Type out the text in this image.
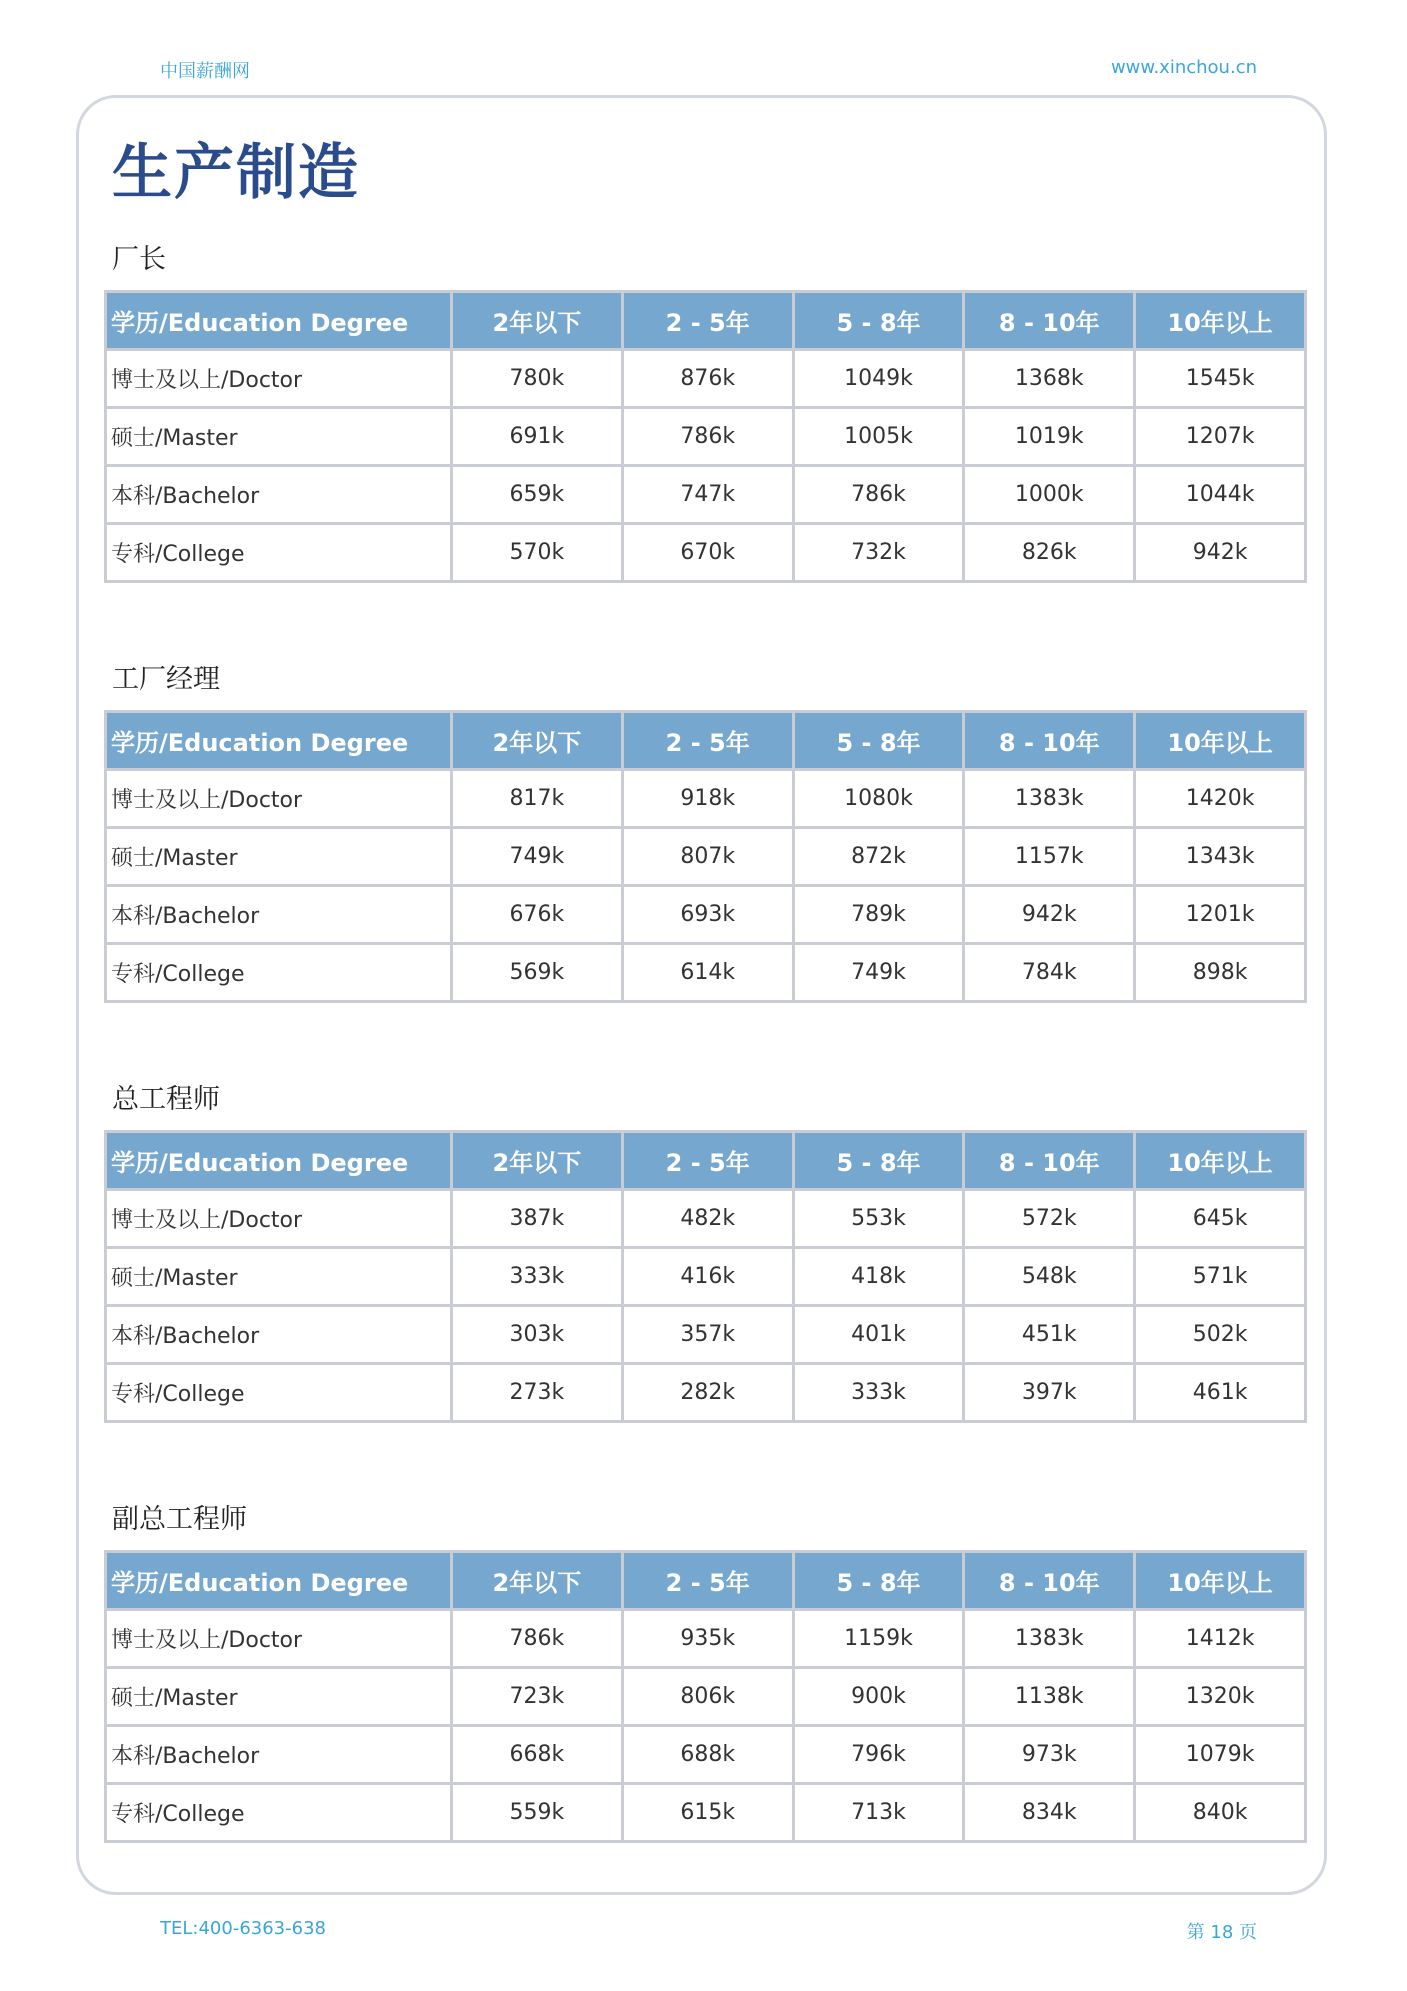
中国薪酬网	www.xinchou.cn
生产制造
厂长
学历/Education Degree	2年以下	2 - 5年	5 - 8年	8 - 10年	10年以上
博士及以上/Doctor	780k	876k	1049k	1368k	1545k
硕士/Master	691k	786k	1005k	1019k	1207k
本科/Bachelor	659k	747k	786k	1000k	1044k
专科/College	570k	670k	732k	826k	942k
工厂经理
学历/Education Degree	2年以下	2 - 5年	5 - 8年	8 - 10年	10年以上
博士及以上/Doctor	817k	918k	1080k	1383k	1420k
硕士/Master	749k	807k	872k	1157k	1343k
本科/Bachelor	676k	693k	789k	942k	1201k
专科/College	569k	614k	749k	784k	898k
总工程师
学历/Education Degree	2年以下	2 - 5年	5 - 8年	8 - 10年	10年以上
博士及以上/Doctor	387k	482k	553k	572k	645k
硕士/Master	333k	416k	418k	548k	571k
本科/Bachelor	303k	357k	401k	451k	502k
专科/College	273k	282k	333k	397k	461k
副总工程师
学历/Education Degree	2年以下	2 - 5年	5 - 8年	8 - 10年	10年以上
博士及以上/Doctor	786k	935k	1159k	1383k	1412k
硕士/Master	723k	806k	900k	1138k	1320k
本科/Bachelor	668k	688k	796k	973k	1079k
专科/College	559k	615k	713k	834k	840k
TEL:400-6363-638	第 18 页
